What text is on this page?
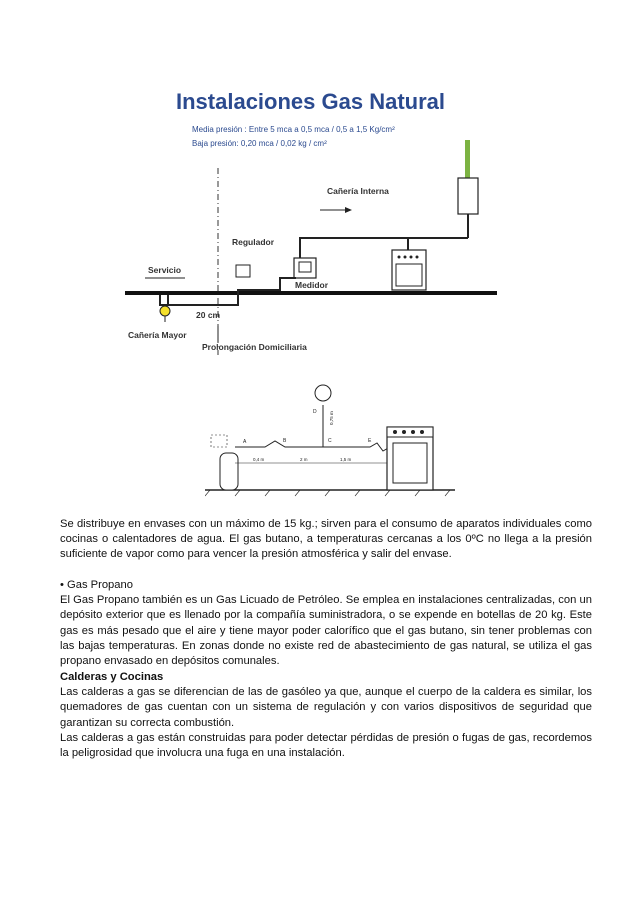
Instalaciones Gas Natural
Media presión : Entre 5 mca a 0,5 mca / 0,5 a 1,5 Kg/cm²
Baja presión: 0,20 mca / 0,02 kg / cm²
Cañería Interna
Medidor
Regulador
Servicio
20 cm
Cañería Mayor
Prolongación Domiciliaria
A	B	C	E
D	0,75 m
0,4 m	2 m	1,5 m

Se distribuye en envases con un máximo de 15 kg.; sirven para el consumo de aparatos individuales como cocinas o calentadores de agua. El gas butano, a temperaturas cercanas a los 0ºC no llega a la presión suficiente de vapor como para vencer la presión atmosférica y salir del envase.

• Gas Propano

El Gas Propano también es un Gas Licuado de Petróleo. Se emplea en instalaciones centralizadas, con un depósito exterior que es llenado por la compañía suministradora, o se expende en botellas de 20 kg. Este gas es más pesado que el aire y tiene mayor poder calorífico que el gas butano, sin tener problemas con las bajas temperaturas. En zonas donde no existe red de abastecimiento de gas natural, se utiliza el gas propano envasado en depósitos comunales.

Calderas y Cocinas

Las calderas a gas se diferencian de las de gasóleo ya que, aunque el cuerpo de la caldera es similar, los quemadores de gas cuentan con un sistema de regulación y con varios dispositivos de seguridad que garantizan su correcta combustión.

Las calderas a gas están construidas para poder detectar pérdidas de presión o fugas de gas, recordemos la peligrosidad que involucra una fuga en una instalación.
